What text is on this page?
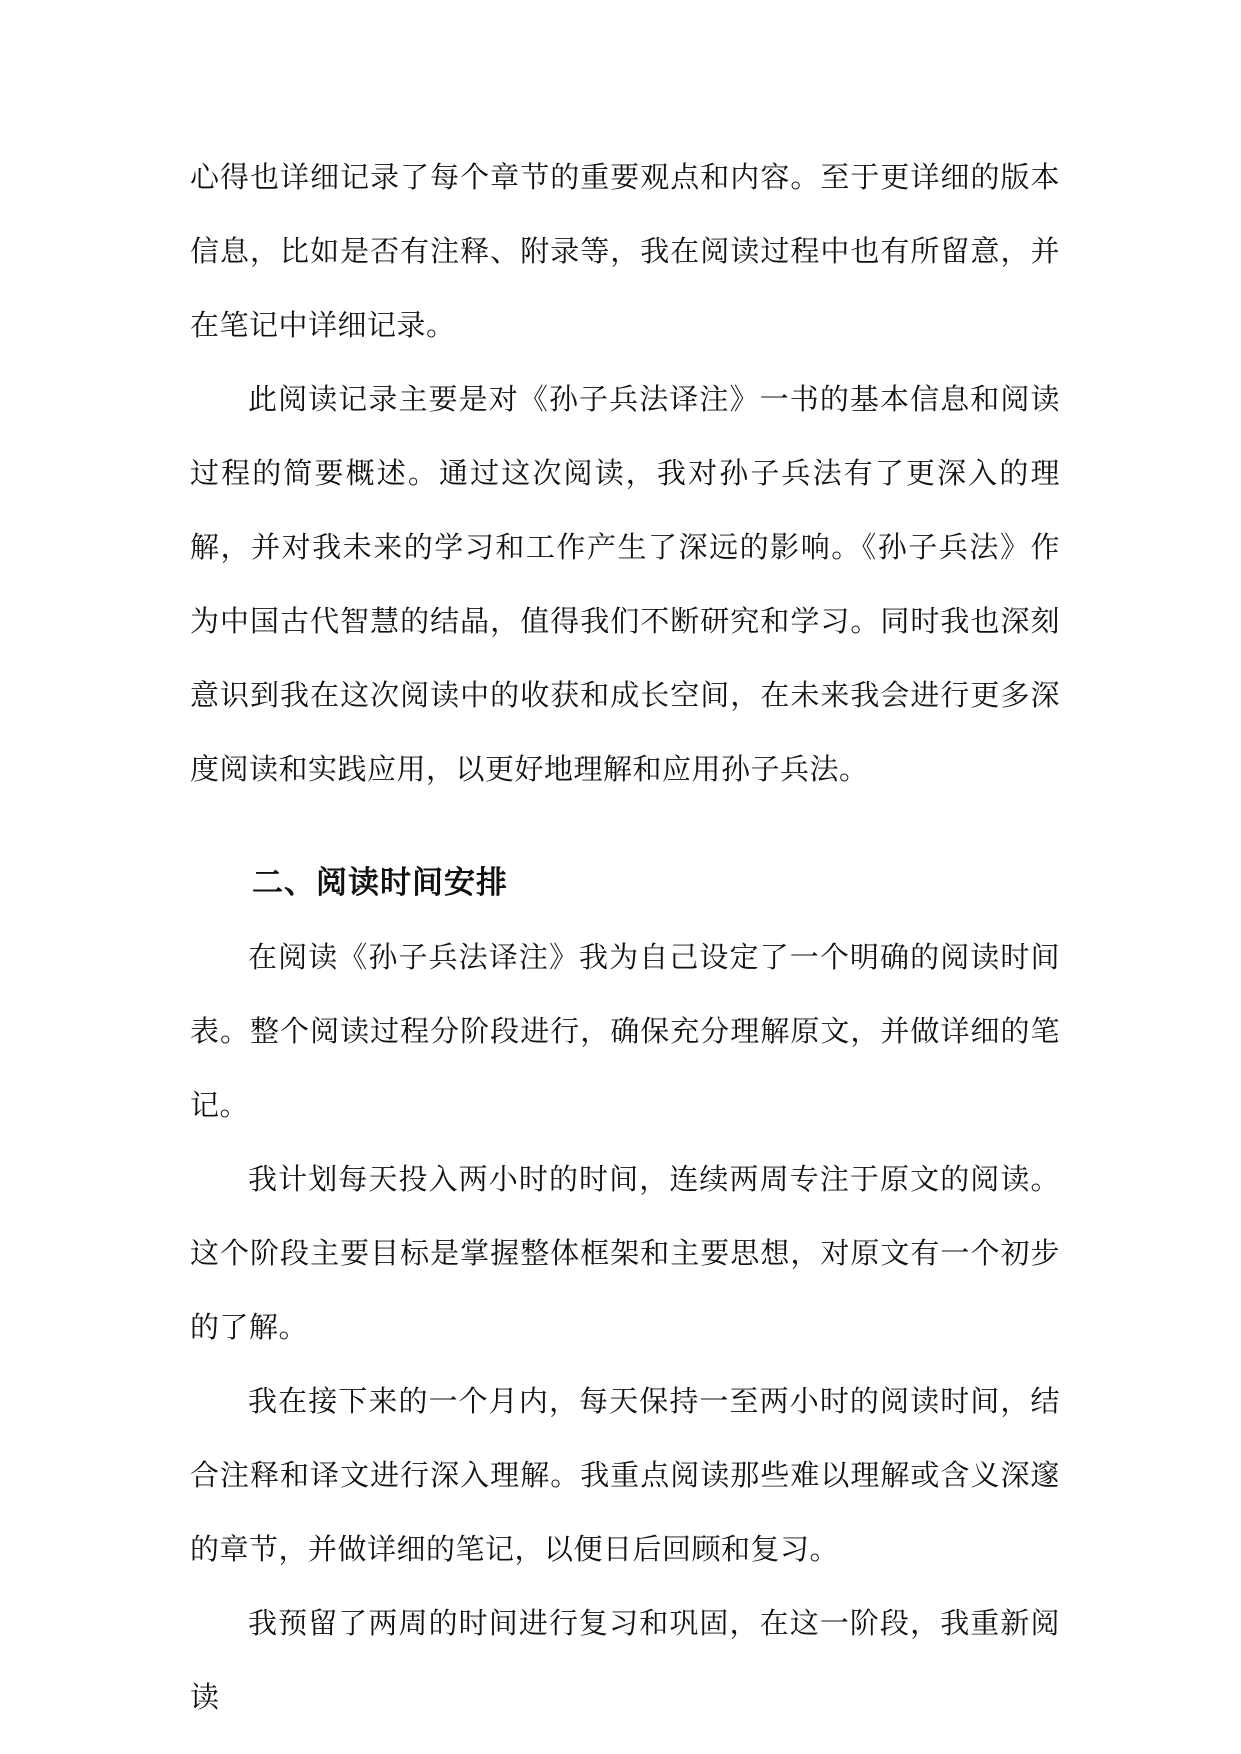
心得也详细记录了每个章节的重要观点和内容。至于更详细的版本信息，比如是否有注释、附录等，我在阅读过程中也有所留意，并在笔记中详细记录。

此阅读记录主要是对《孙子兵法译注》一书的基本信息和阅读过程的简要概述。通过这次阅读，我对孙子兵法有了更深入的理解，并对我未来的学习和工作产生了深远的影响。《孙子兵法》作为中国古代智慧的结晶，值得我们不断研究和学习。同时我也深刻意识到我在这次阅读中的收获和成长空间，在未来我会进行更多深度阅读和实践应用，以更好地理解和应用孙子兵法。

二、阅读时间安排

在阅读《孙子兵法译注》我为自己设定了一个明确的阅读时间表。整个阅读过程分阶段进行，确保充分理解原文，并做详细的笔记。

我计划每天投入两小时的时间，连续两周专注于原文的阅读。这个阶段主要目标是掌握整体框架和主要思想，对原文有一个初步的了解。

我在接下来的一个月内，每天保持一至两小时的阅读时间，结合注释和译文进行深入理解。我重点阅读那些难以理解或含义深邃的章节，并做详细的笔记，以便日后回顾和复习。

我预留了两周的时间进行复习和巩固，在这一阶段，我重新阅读
